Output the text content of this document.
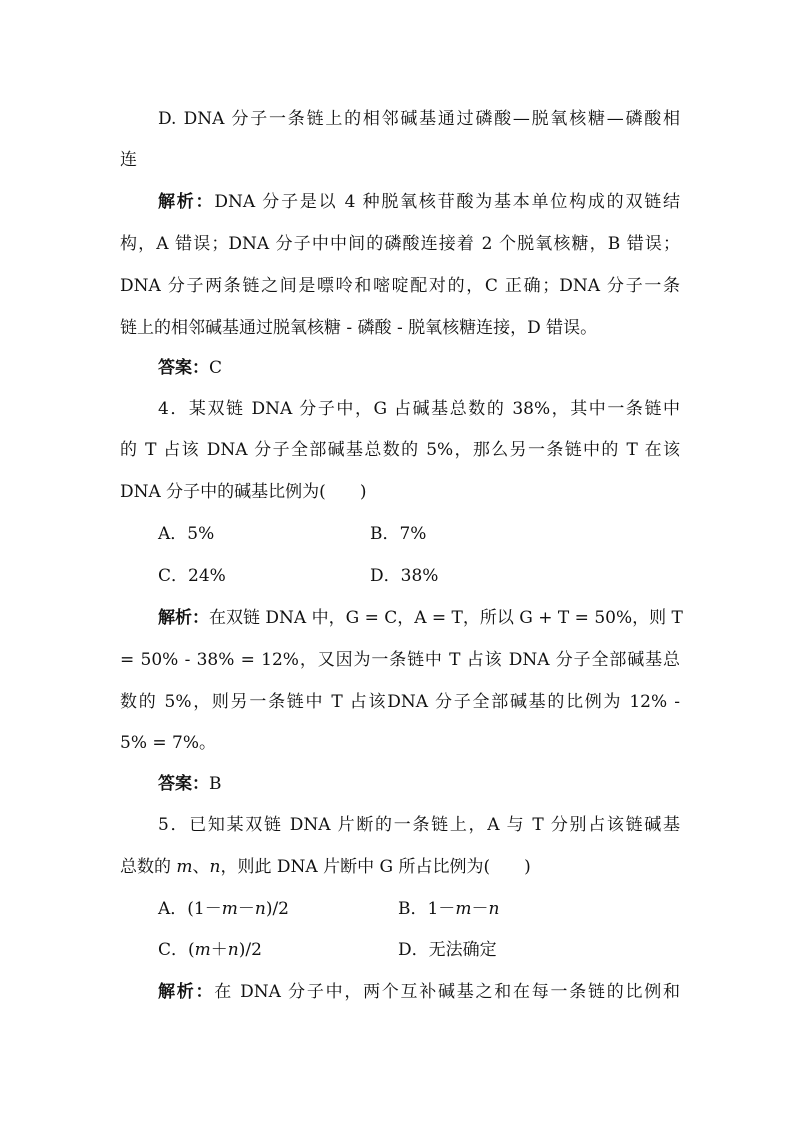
D. DNA 分子一条链上的相邻碱基通过磷酸—脱氧核糖—磷酸相
连
解析：DNA 分子是以 4 种脱氧核苷酸为基本单位构成的双链结
构，A 错误；DNA 分子中中间的磷酸连接着 2 个脱氧核糖，B 错误；
DNA 分子两条链之间是嘌呤和嘧啶配对的，C 正确；DNA 分子一条
链上的相邻碱基通过脱氧核糖 - 磷酸 - 脱氧核糖连接，D 错误。
答案：C
4．某双链 DNA 分子中，G 占碱基总数的 38%，其中一条链中
的 T 占该 DNA 分子全部碱基总数的 5%，那么另一条链中的 T 在该
DNA 分子中的碱基比例为(　　)
A．5%	B．7%
C．24%	D．38%
解析：在双链 DNA 中，G = C，A = T，所以 G + T = 50%，则 T
= 50% - 38% = 12%，又因为一条链中 T 占该 DNA 分子全部碱基总
数的 5%，则另一条链中 T 占该DNA 分子全部碱基的比例为 12% -
5% = 7%。
答案：B
5．已知某双链 DNA 片断的一条链上，A 与 T 分别占该链碱基
总数的 m、n，则此 DNA 片断中 G 所占比例为(　　)
A．(1－m－n)/2	B．1－m－n
C．(m＋n)/2	D．无法确定
解析：在 DNA 分子中，两个互补碱基之和在每一条链的比例和
